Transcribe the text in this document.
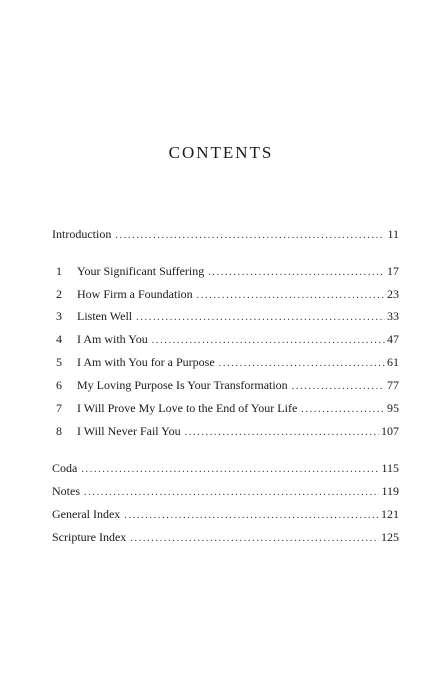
CONTENTS
Introduction . . .	11
1	Your Significant Suffering . . .	17
2	How Firm a Foundation . . .	23
3	Listen Well . . .	33
4	I Am with You . . .	47
5	I Am with You for a Purpose . . .	61
6	My Loving Purpose Is Your Transformation . . .	77
7	I Will Prove My Love to the End of Your Life . . .	95
8	I Will Never Fail You . . .	107
Coda . . .	115
Notes . . .	119
General Index . . .	121
Scripture Index . . .	125
